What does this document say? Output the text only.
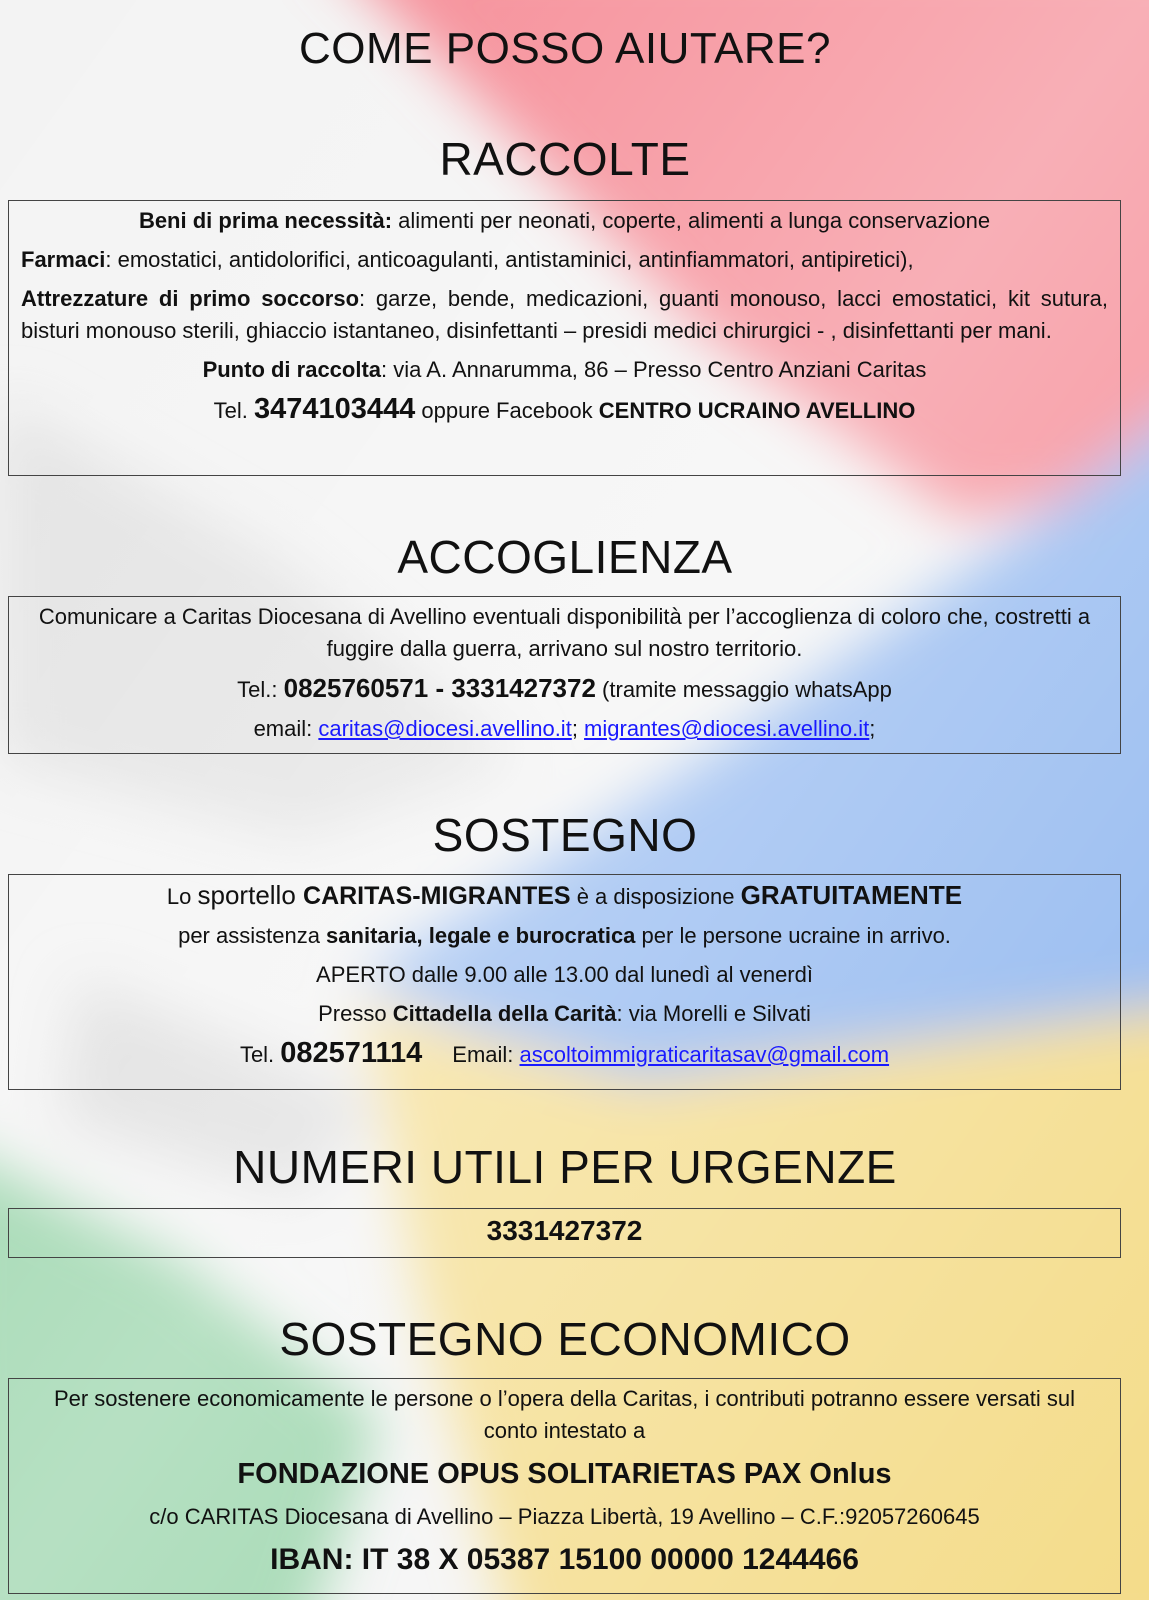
COME POSSO AIUTARE?
RACCOLTE

Beni di prima necessità: alimenti per neonati, coperte, alimenti a lunga conservazione

Farmaci: emostatici, antidolorifici, anticoagulanti, antistaminici, antinfiammatori, antipiretici),

Attrezzature di primo soccorso: garze, bende, medicazioni, guanti monouso, lacci emostatici, kit sutura, bisturi monouso sterili, ghiaccio istantaneo, disinfettanti – presidi medici chirurgici - , disinfettanti per mani.

Punto di raccolta: via A. Annarumma, 86 – Presso Centro Anziani Caritas

Tel. 3474103444 oppure Facebook CENTRO UCRAINO AVELLINO

ACCOGLIENZA

Comunicare a Caritas Diocesana di Avellino eventuali disponibilità per l’accoglienza di coloro che, costretti a fuggire dalla guerra, arrivano sul nostro territorio.

Tel.: 0825760571 - 3331427372 (tramite messaggio whatsApp

email: caritas@diocesi.avellino.it; migrantes@diocesi.avellino.it;

SOSTEGNO

Lo sportello CARITAS-MIGRANTES è a disposizione GRATUITAMENTE

per assistenza sanitaria, legale e burocratica per le persone ucraine in arrivo.

APERTO dalle 9.00 alle 13.00 dal lunedì al venerdì

Presso Cittadella della Carità: via Morelli e Silvati

Tel. 082571114 Email: ascoltoimmigraticaritasav@gmail.com

NUMERI UTILI PER URGENZE

3331427372

SOSTEGNO ECONOMICO

Per sostenere economicamente le persone o l’opera della Caritas, i contributi potranno essere versati sul conto intestato a

FONDAZIONE OPUS SOLITARIETAS PAX Onlus

c/o CARITAS Diocesana di Avellino – Piazza Libertà, 19 Avellino – C.F.:92057260645

IBAN: IT 38 X 05387 15100 00000 1244466
